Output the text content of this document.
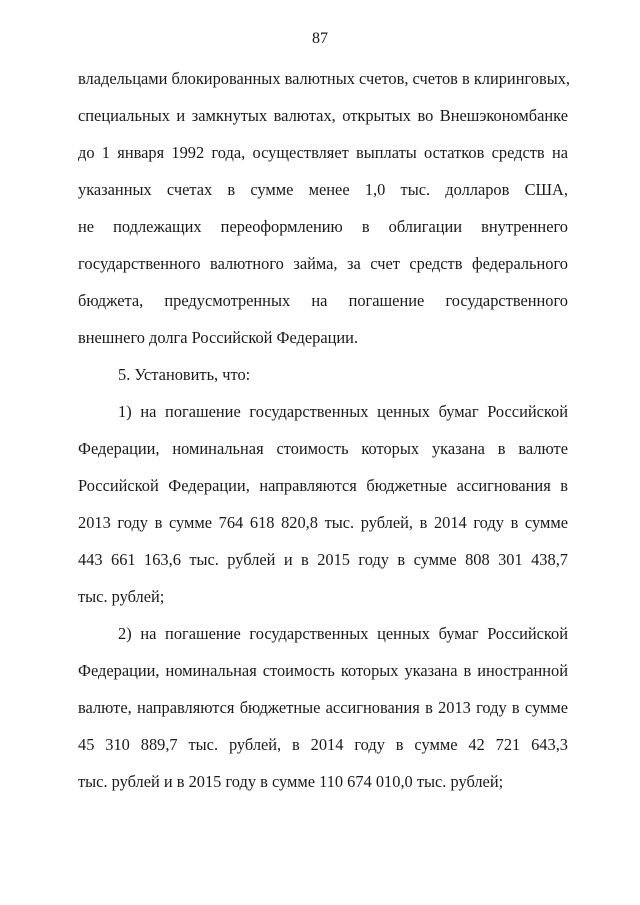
87
владельцами блокированных валютных счетов, счетов в клиринговых,
специальных и замкнутых валютах, открытых во Внешэкономбанке
до 1 января 1992 года, осуществляет выплаты остатков средств на
указанных счетах в сумме менее 1,0 тыс. долларов США,
не подлежащих переоформлению в облигации внутреннего
государственного валютного займа, за счет средств федерального
бюджета, предусмотренных на погашение государственного
внешнего долга Российской Федерации.
5. Установить, что:
1) на погашение государственных ценных бумаг Российской
Федерации, номинальная стоимость которых указана в валюте
Российской Федерации, направляются бюджетные ассигнования в
2013 году в сумме 764 618 820,8 тыс. рублей, в 2014 году в сумме
443 661 163,6 тыс. рублей и в 2015 году в сумме 808 301 438,7
тыс. рублей;
2) на погашение государственных ценных бумаг Российской
Федерации, номинальная стоимость которых указана в иностранной
валюте, направляются бюджетные ассигнования в 2013 году в сумме
45 310 889,7 тыс. рублей, в 2014 году в сумме 42 721 643,3
тыс. рублей и в 2015 году в сумме 110 674 010,0 тыс. рублей;
